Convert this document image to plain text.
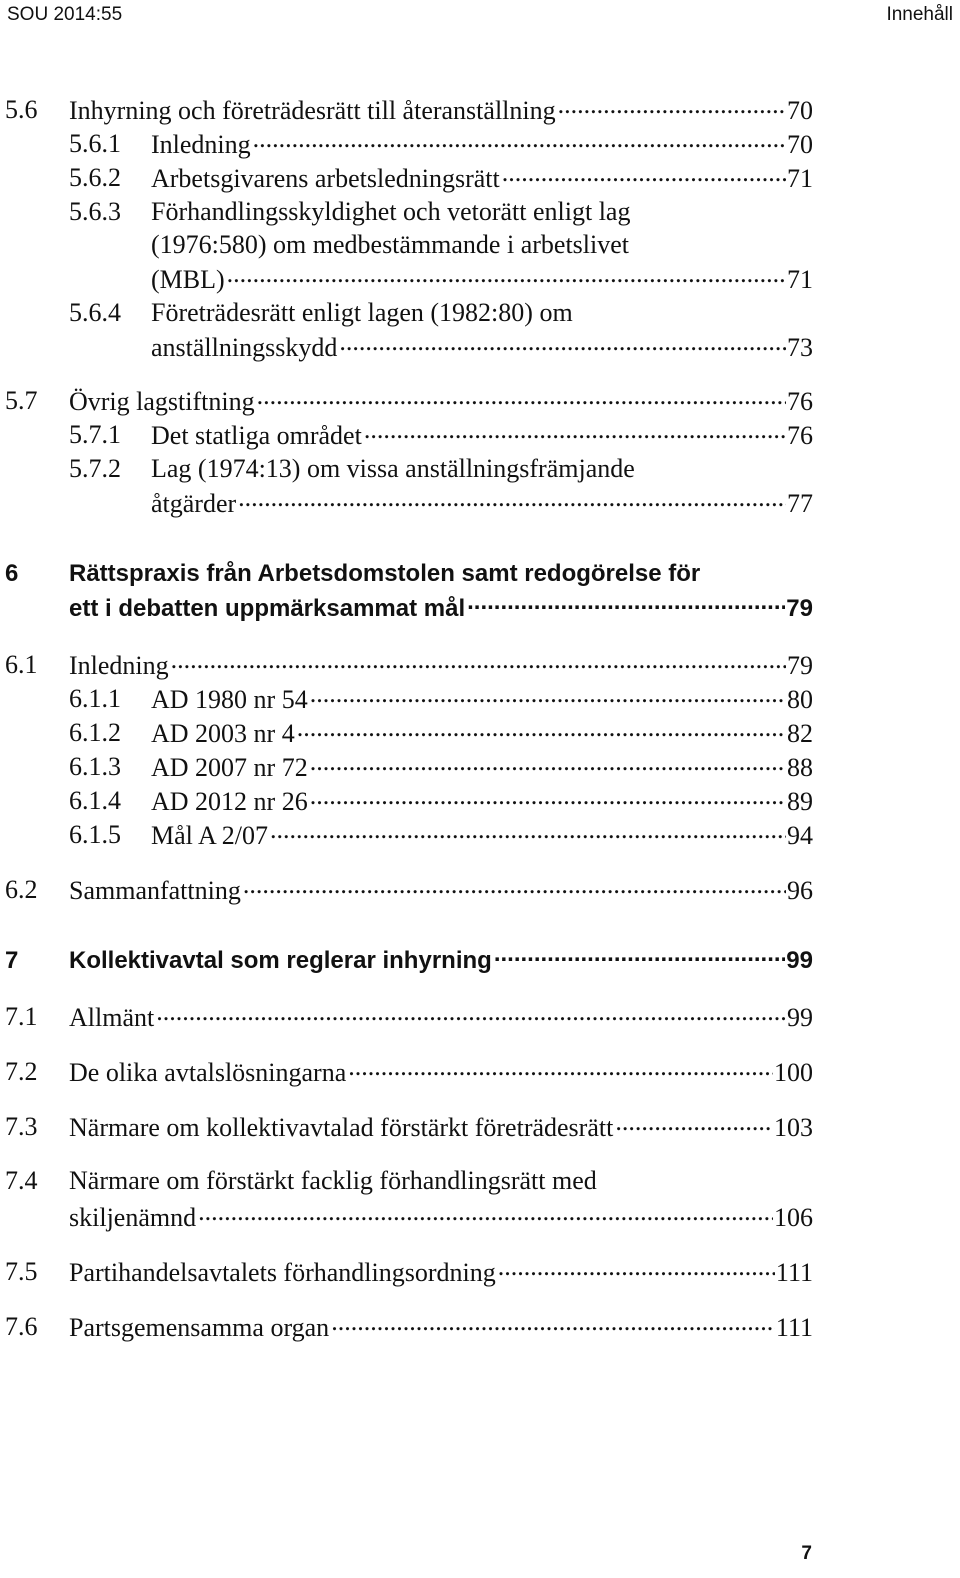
SOU 2014:55	Innehåll
5.6 Inhyrning och företrädesrätt till återanställning .....	70
5.6.1 Inledning .....	70
5.6.2 Arbetsgivarens arbetsledningsrätt .....	71
5.6.3 Förhandlingsskyldighet och vetorätt enligt lag
(1976:580) om medbestämmande i arbetslivet
(MBL) .....	71
5.6.4 Företrädesrätt enligt lagen (1982:80) om
anställningsskydd .....	73
5.7 Övrig lagstiftning .....	76
5.7.1 Det statliga området .....	76
5.7.2 Lag (1974:13) om vissa anställningsfrämjande
åtgärder .....	77
6 Rättspraxis från Arbetsdomstolen samt redogörelse för
ett i debatten uppmärksammat mål .....	79
6.1 Inledning .....	79
6.1.1 AD 1980 nr 54 .....	80
6.1.2 AD 2003 nr 4 .....	82
6.1.3 AD 2007 nr 72 .....	88
6.1.4 AD 2012 nr 26 .....	89
6.1.5 Mål A 2/07 .....	94
6.2 Sammanfattning .....	96
7 Kollektivavtal som reglerar inhyrning .....	99
7.1 Allmänt .....	99
7.2 De olika avtalslösningarna .....	100
7.3 Närmare om kollektivavtalad förstärkt företrädesrätt .....	103
7.4 Närmare om förstärkt facklig förhandlingsrätt med
skiljenämnd .....	106
7.5 Partihandelsavtalets förhandlingsordning .....	111
7.6 Partsgemensamma organ .....	111
7
